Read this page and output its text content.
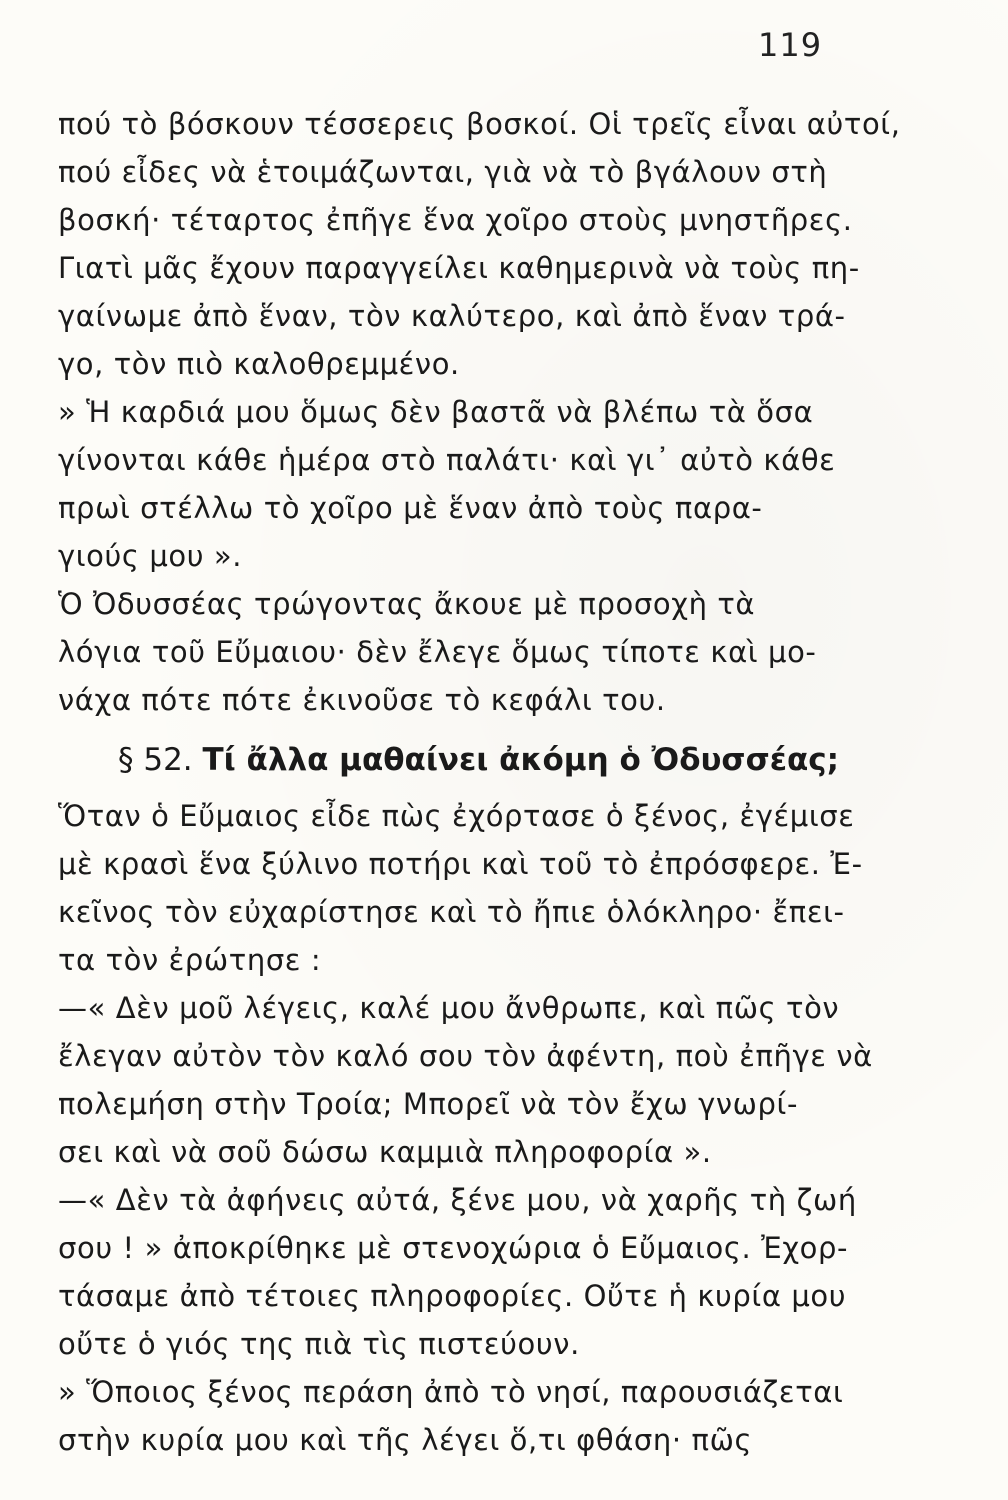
119
πού τὸ βόσκουν τέσσερεις βοσκοί. Οἱ τρεῖς εἶναι αὐτοί,
πού εἶδες νὰ ἑτοιμάζωνται, γιὰ νὰ τὸ βγάλουν στὴ
βοσκή· τέταρτος ἐπῆγε ἕνα χοῖρο στοὺς μνηστῆρες.
Γιατὶ μᾶς ἔχουν παραγγείλει καθημερινὰ νὰ τοὺς πη-
γαίνωμε ἀπὸ ἕναν, τὸν καλύτερο, καὶ ἀπὸ ἕναν τρά-
γο, τὸν πιὸ καλοθρεμμένο.
» Ἡ καρδιά μου ὅμως δὲν βαστᾶ νὰ βλέπω τὰ ὅσα
γίνονται κάθε ἡμέρα στὸ παλάτι· καὶ γι᾽ αὐτὸ κάθε
πρωὶ στέλλω τὸ χοῖρο μὲ ἕναν ἀπὸ τοὺς παρα-
γιούς μου ».
Ὁ Ὀδυσσέας τρώγοντας ἄκουε μὲ προσοχὴ τὰ
λόγια τοῦ Εὔμαιου· δὲν ἔλεγε ὅμως τίποτε καὶ μο-
νάχα πότε πότε ἐκινοῦσε τὸ κεφάλι του.
§ 52. Τί ἄλλα μαθαίνει ἀκόμη ὁ Ὀδυσσέας;
Ὅταν ὁ Εὔμαιος εἶδε πὼς ἐχόρτασε ὁ ξένος, ἐγέμισε
μὲ κρασὶ ἕνα ξύλινο ποτήρι καὶ τοῦ τὸ ἐπρόσφερε. Ἐ-
κεῖνος τὸν εὐχαρίστησε καὶ τὸ ἤπιε ὁλόκληρο· ἔπει-
τα τὸν ἐρώτησε :
—« Δὲν μοῦ λέγεις, καλέ μου ἄνθρωπε, καὶ πῶς τὸν
ἔλεγαν αὐτὸν τὸν καλό σου τὸν ἀφέντη, ποὺ ἐπῆγε νὰ
πολεμήση στὴν Τροία; Μπορεῖ νὰ τὸν ἔχω γνωρί-
σει καὶ νὰ σοῦ δώσω καμμιὰ πληροφορία ».
—« Δὲν τὰ ἀφήνεις αὐτά, ξένε μου, νὰ χαρῆς τὴ ζωή
σου ! » ἀποκρίθηκε μὲ στενοχώρια ὁ Εὔμαιος. Ἐχορ-
τάσαμε ἀπὸ τέτοιες πληροφορίες. Οὔτε ἡ κυρία μου
οὔτε ὁ γιός της πιὰ τὶς πιστεύουν.
» Ὅποιος ξένος περάση ἀπὸ τὸ νησί, παρουσιάζεται
στὴν κυρία μου καὶ τῆς λέγει ὅ,τι φθάση· πῶς
